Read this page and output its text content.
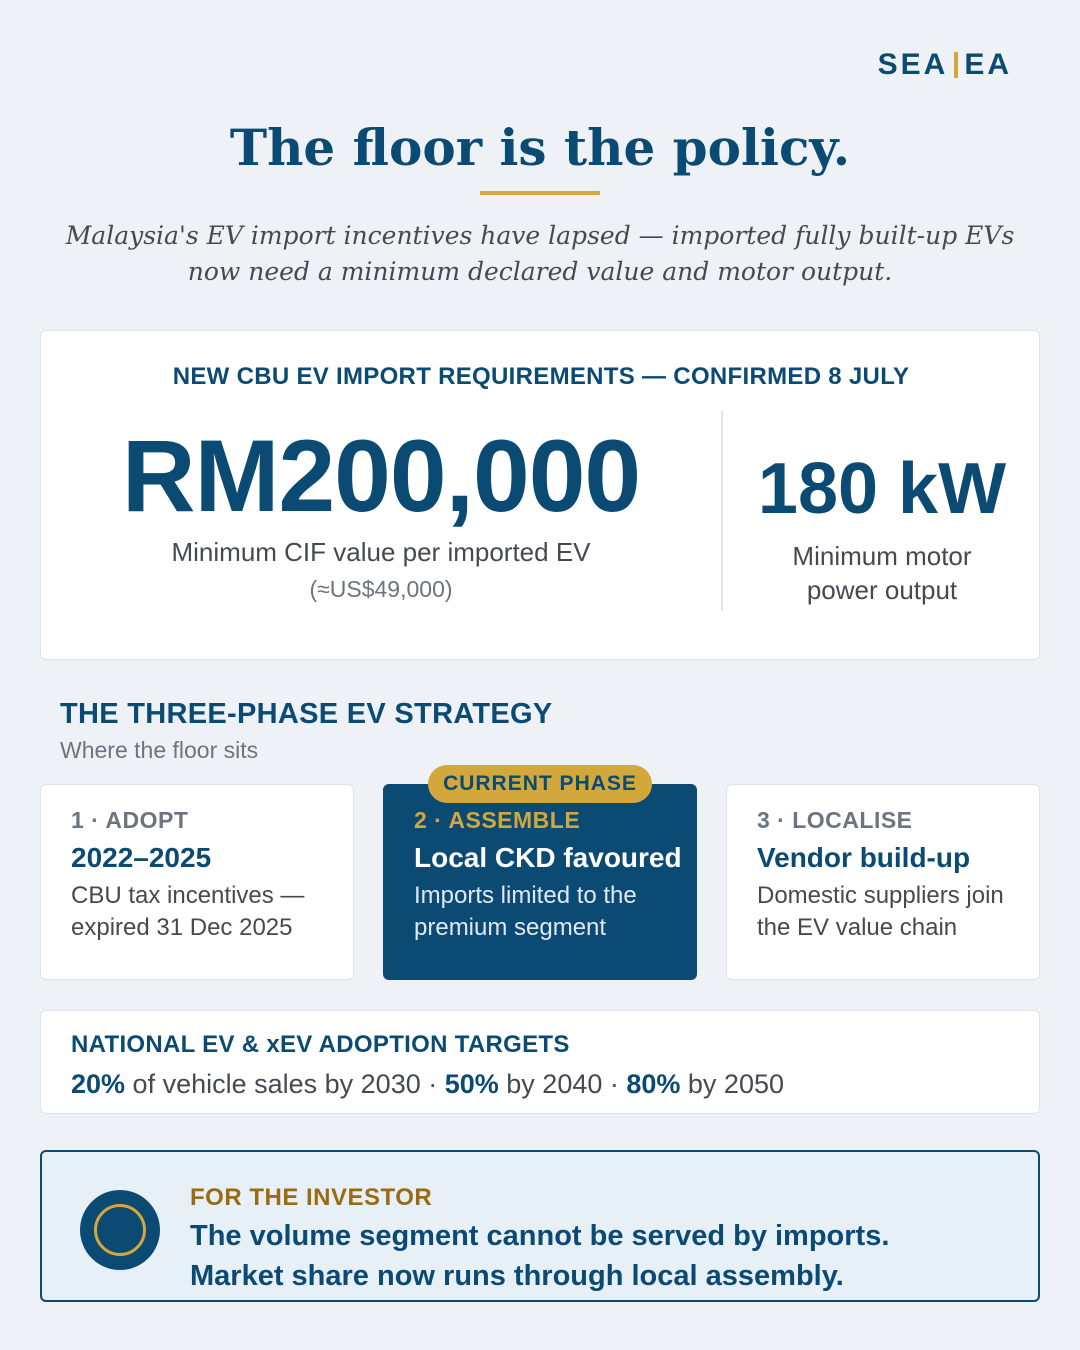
SEA EA
The floor is the policy.

Malaysia's EV import incentives have lapsed — imported fully built-up EVs now need a minimum declared value and motor output.

NEW CBU EV IMPORT REQUIREMENTS — CONFIRMED 8 JULY
RM200,000
Minimum CIF value per imported EV
(≈US$49,000)
180 kW
Minimum motor
power output
THE THREE-PHASE EV STRATEGY
Where the floor sits
1 · ADOPT
2022–2025
CBU tax incentives —
expired 31 Dec 2025
2 · ASSEMBLE
Local CKD favoured
Imports limited to the
premium segment
CURRENT PHASE
3 · LOCALISE
Vendor build-up
Domestic suppliers join
the EV value chain
NATIONAL EV & xEV ADOPTION TARGETS
20% of vehicle sales by 2030 · 50% by 2040 · 80% by 2050
FOR THE INVESTOR
The volume segment cannot be served by imports.
Market share now runs through local assembly.
